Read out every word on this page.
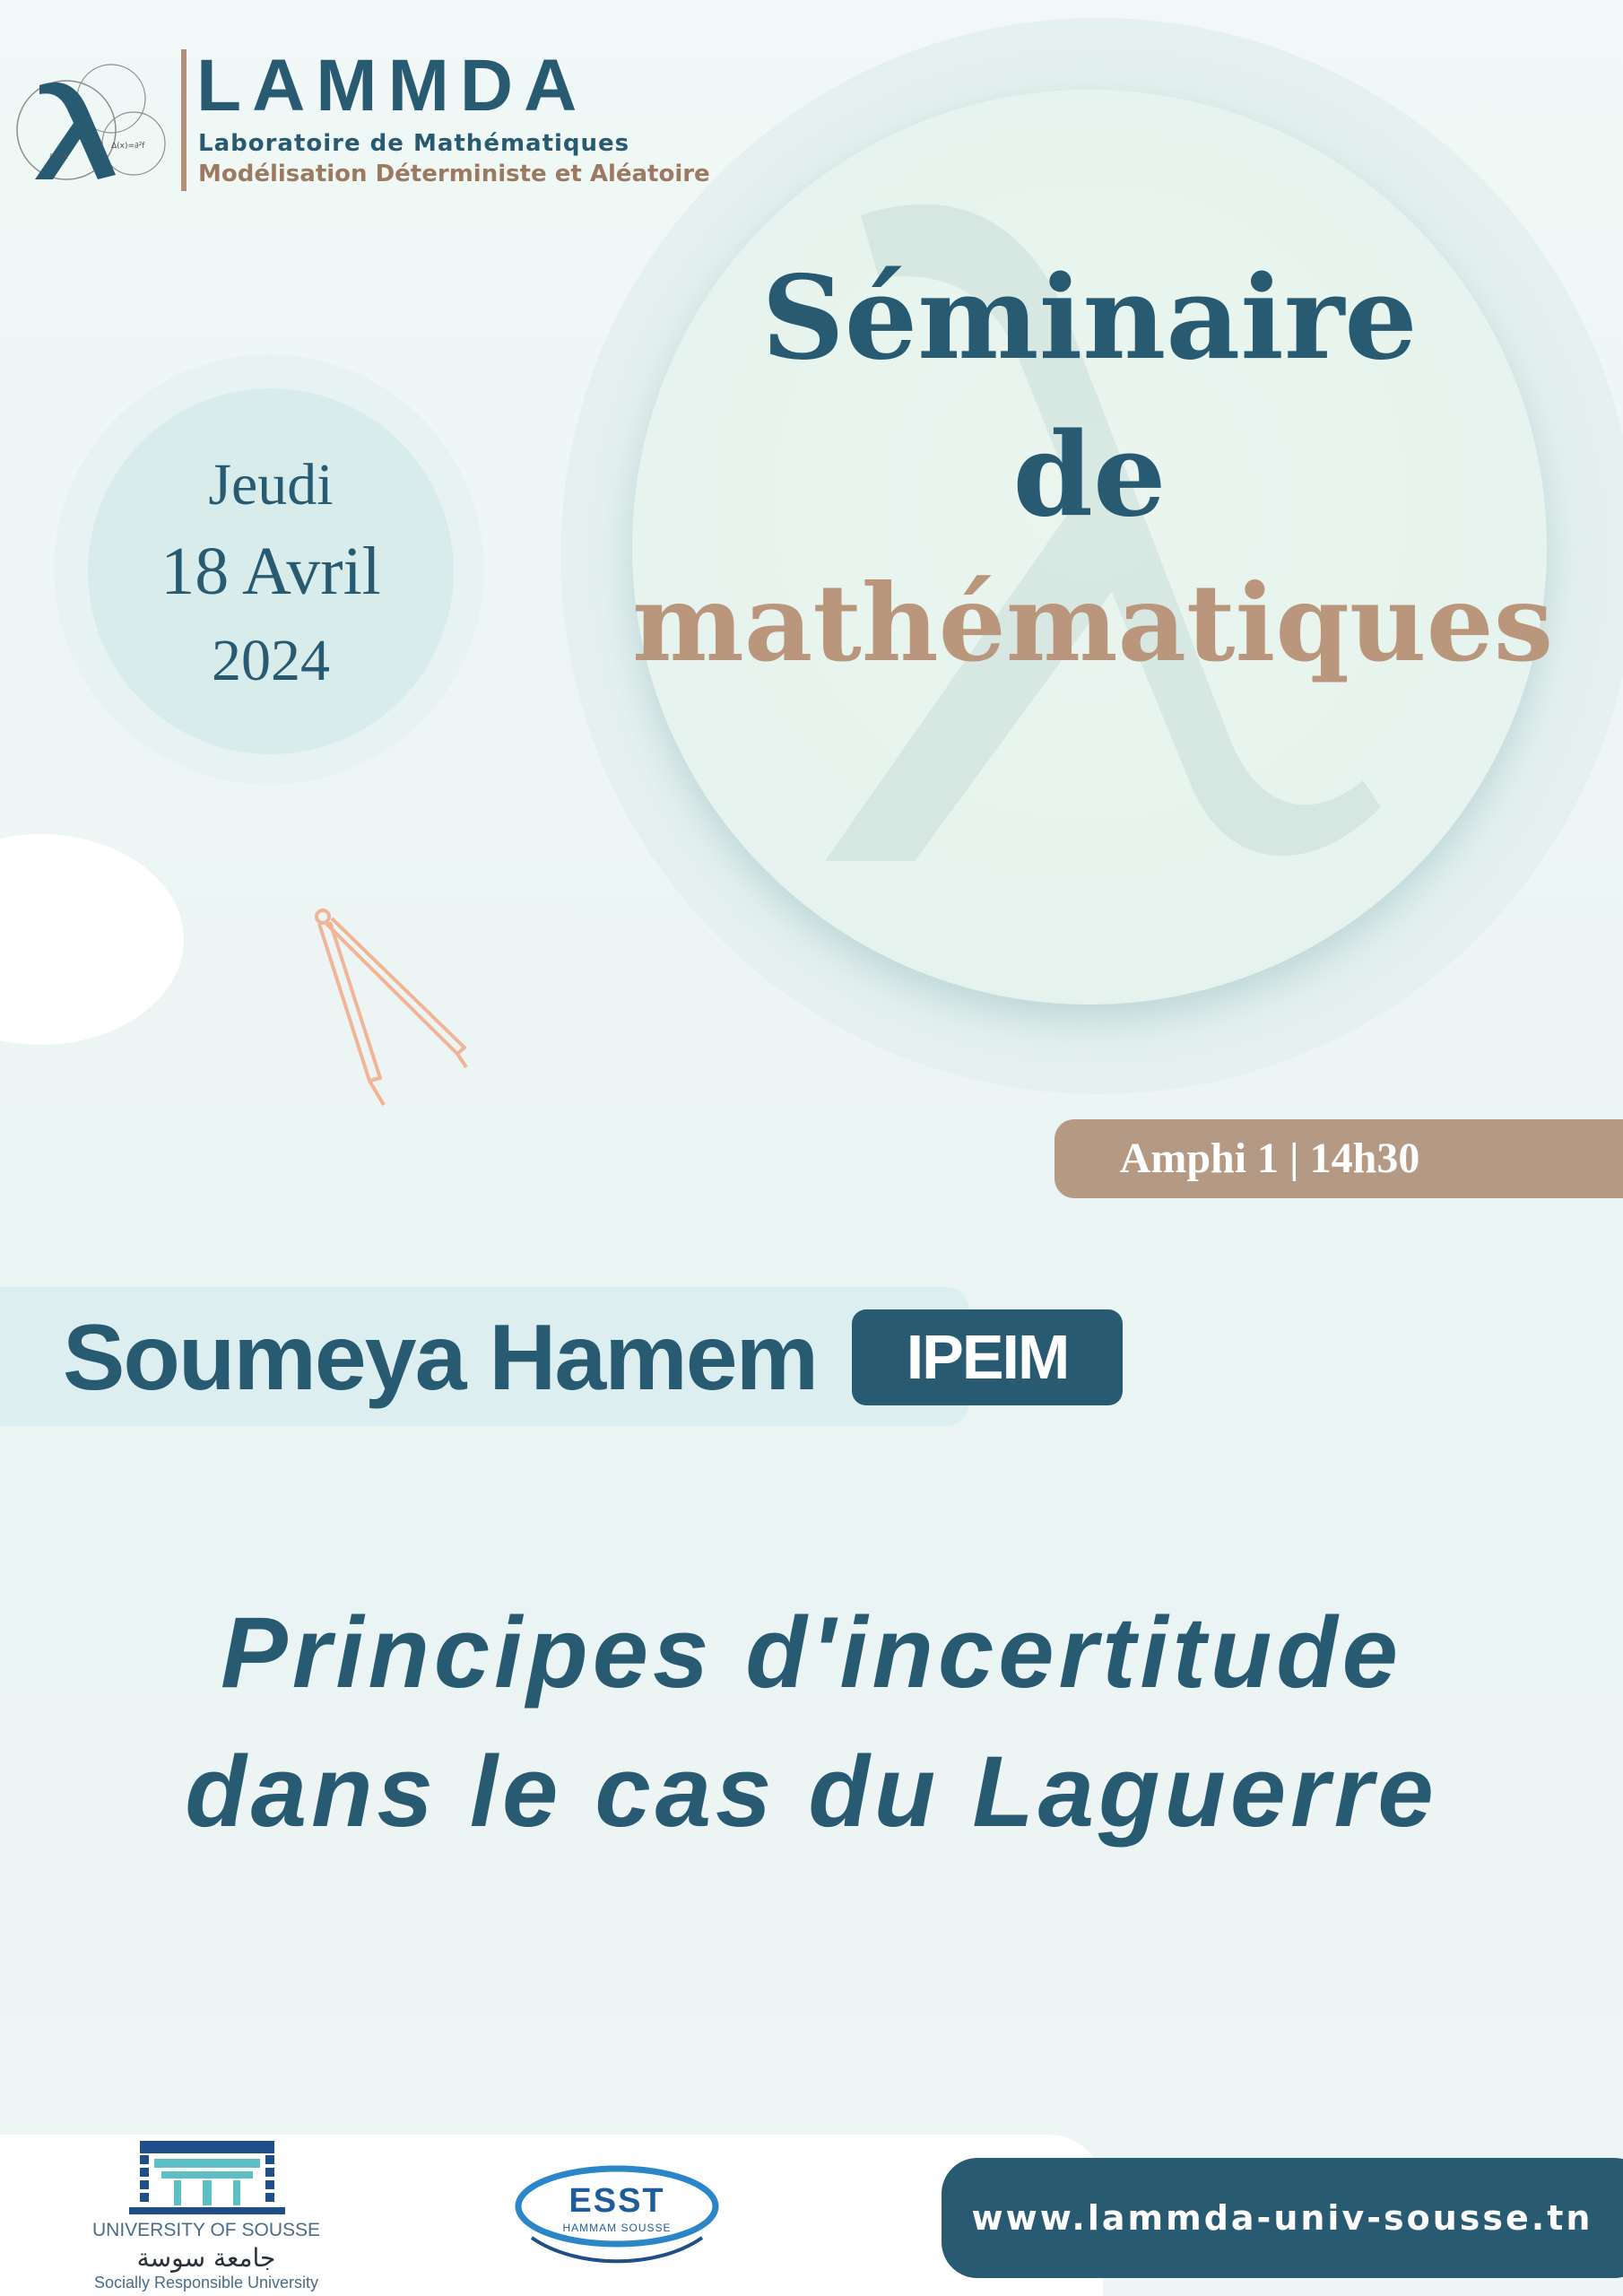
Δ(x)=∂²f
∫ f dx
LAMMDA
Laboratoire de Mathématiques
Modélisation Déterministe et Aléatoire
Séminaire
de
mathématiques
Jeudi
18 Avril
2024
Amphi 1 | 14h30
Soumeya Hamem	IPEIM
Principes d'incertitude
dans le cas du Laguerre
UNIVERSITY OF SOUSSE
جامعة سوسة
Socially Responsible University
ESST
HAMMAM SOUSSE	www.lammda-univ-sousse.tn
